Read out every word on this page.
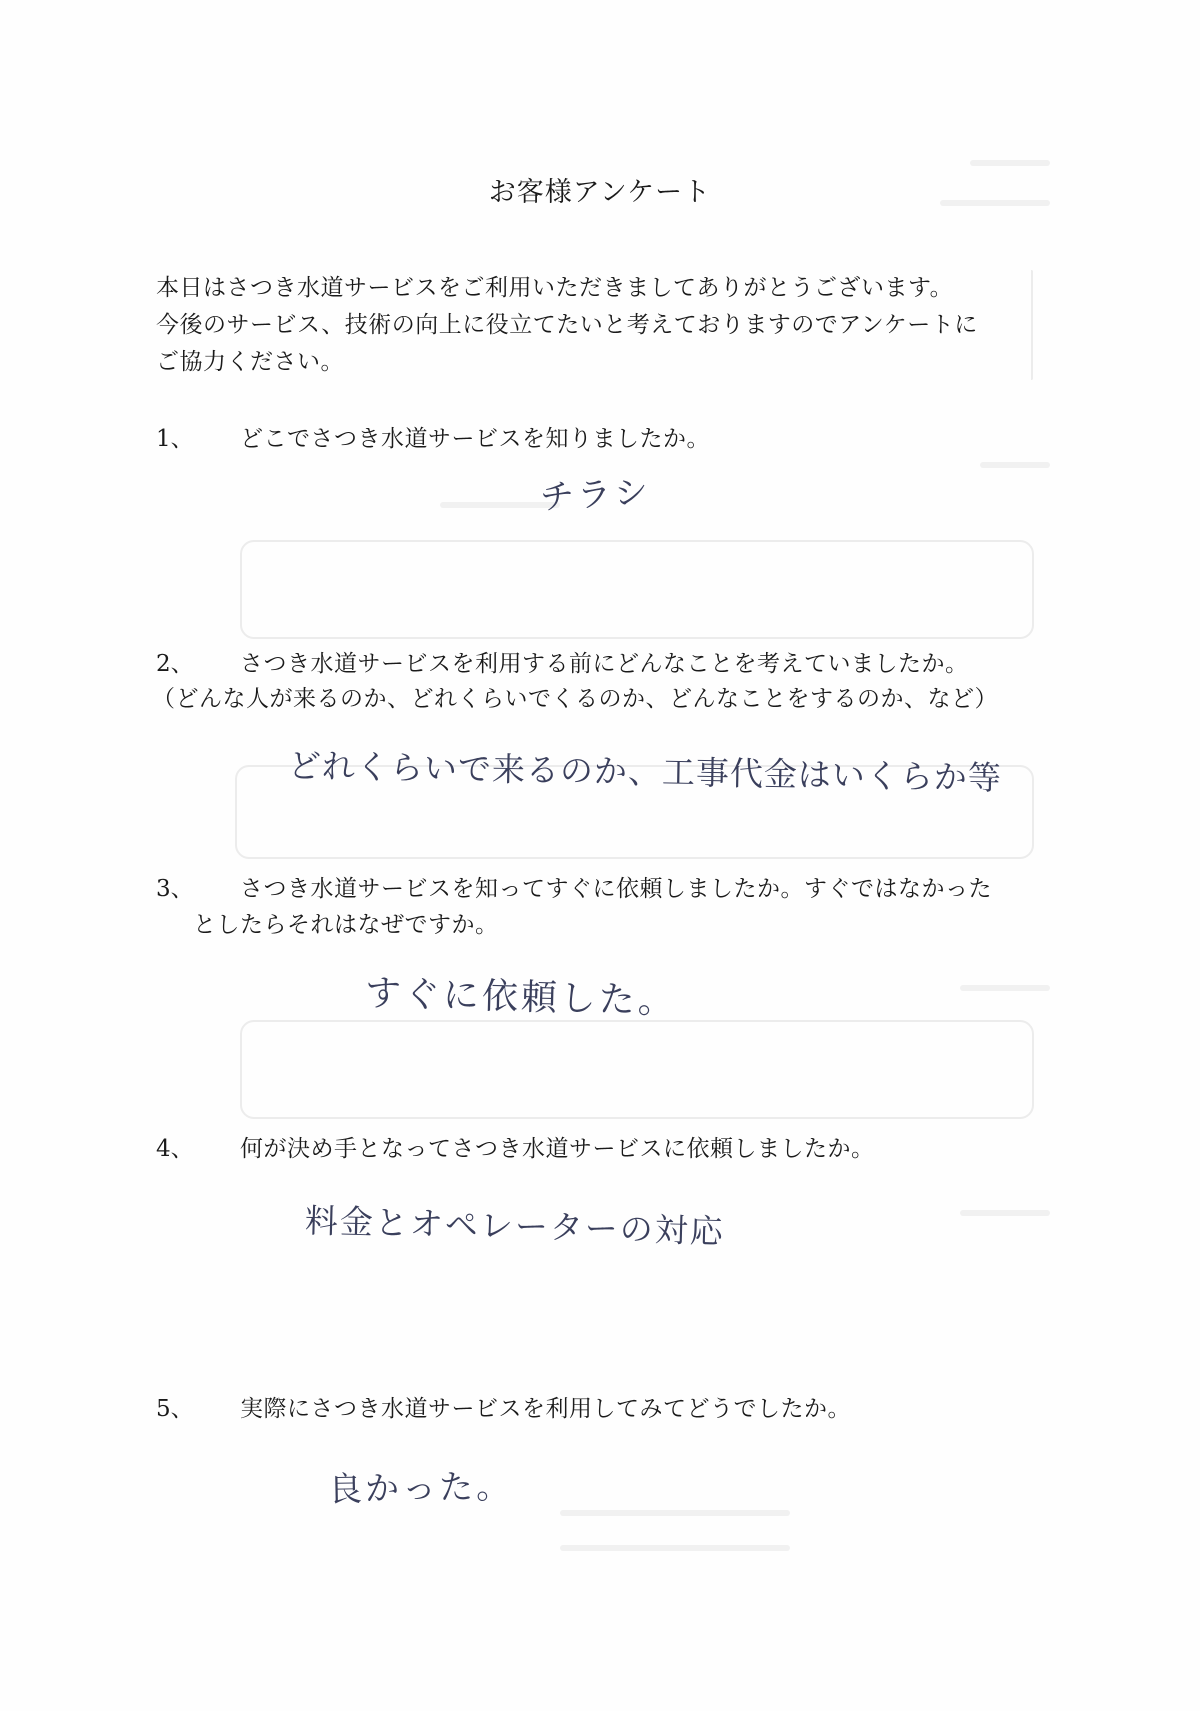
お客様アンケート
本日はさつき水道サービスをご利用いただきましてありがとうございます。
今後のサービス、技術の向上に役立てたいと考えておりますのでアンケートに
ご協力ください。
1、 どこでさつき水道サービスを知りましたか。
チラシ
2、 さつき水道サービスを利用する前にどんなことを考えていましたか。
（どんな人が来るのか、どれくらいでくるのか、どんなことをするのか、など）
どれくらいで来るのか、工事代金はいくらか等
3、 さつき水道サービスを知ってすぐに依頼しましたか。すぐではなかった
としたらそれはなぜですか。
すぐに依頼した。
4、 何が決め手となってさつき水道サービスに依頼しましたか。
料金とオペレーターの対応
5、 実際にさつき水道サービスを利用してみてどうでしたか。
良かった。
